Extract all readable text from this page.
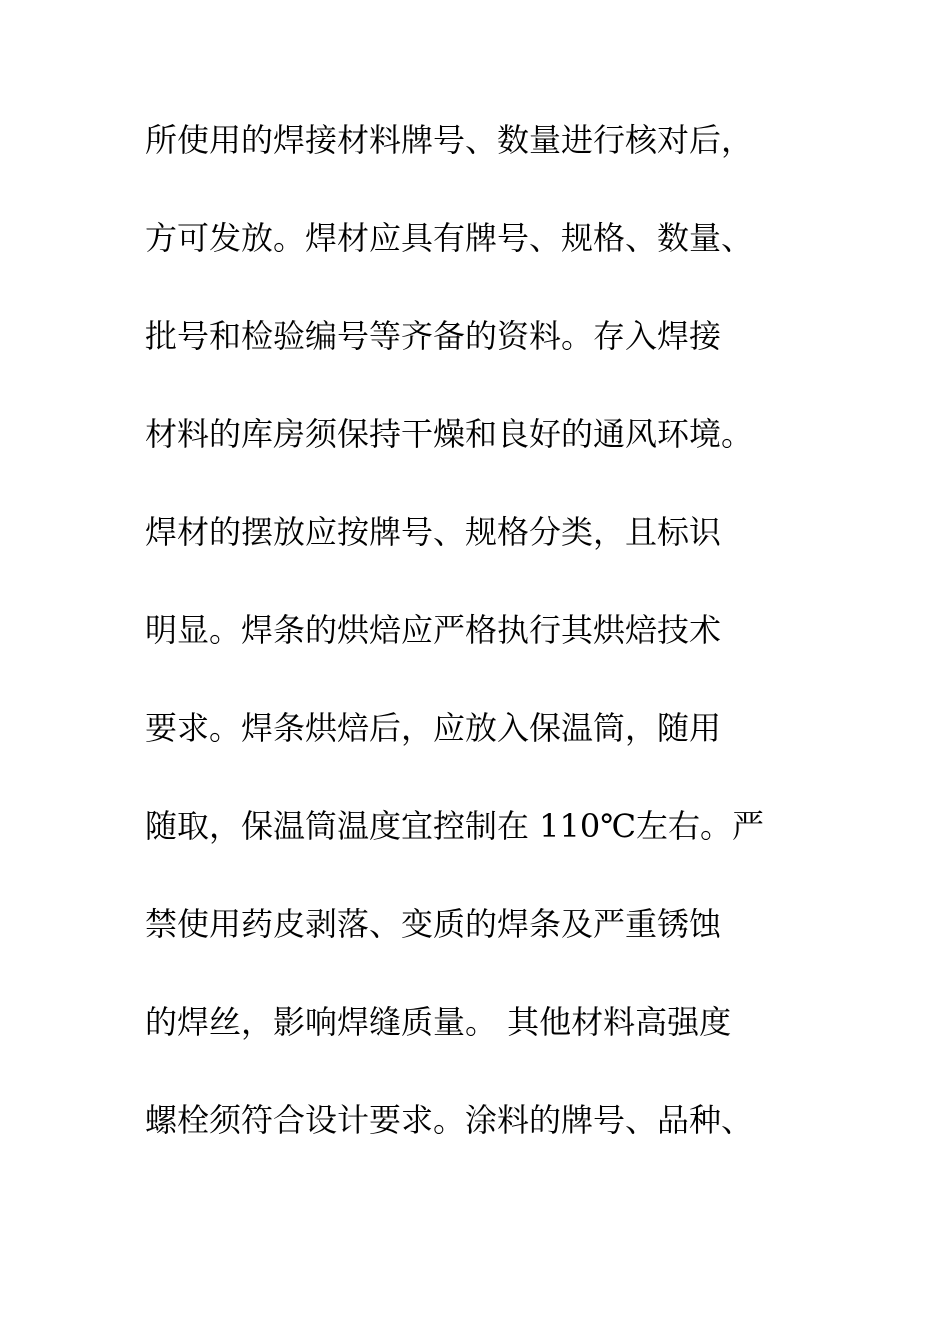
所使用的焊接材料牌号、数量进行核对后，

方可发放。焊材应具有牌号、规格、数量、

批号和检验编号等齐备的资料。存入焊接

材料的库房须保持干燥和良好的通风环境。

焊材的摆放应按牌号、规格分类，且标识

明显。焊条的烘焙应严格执行其烘焙技术

要求。焊条烘焙后，应放入保温筒，随用

随取，保温筒温度宜控制在 110℃左右。严

禁使用药皮剥落、变质的焊条及严重锈蚀

的焊丝，影响焊缝质量。 其他材料高强度

螺栓须符合设计要求。涂料的牌号、品种、
